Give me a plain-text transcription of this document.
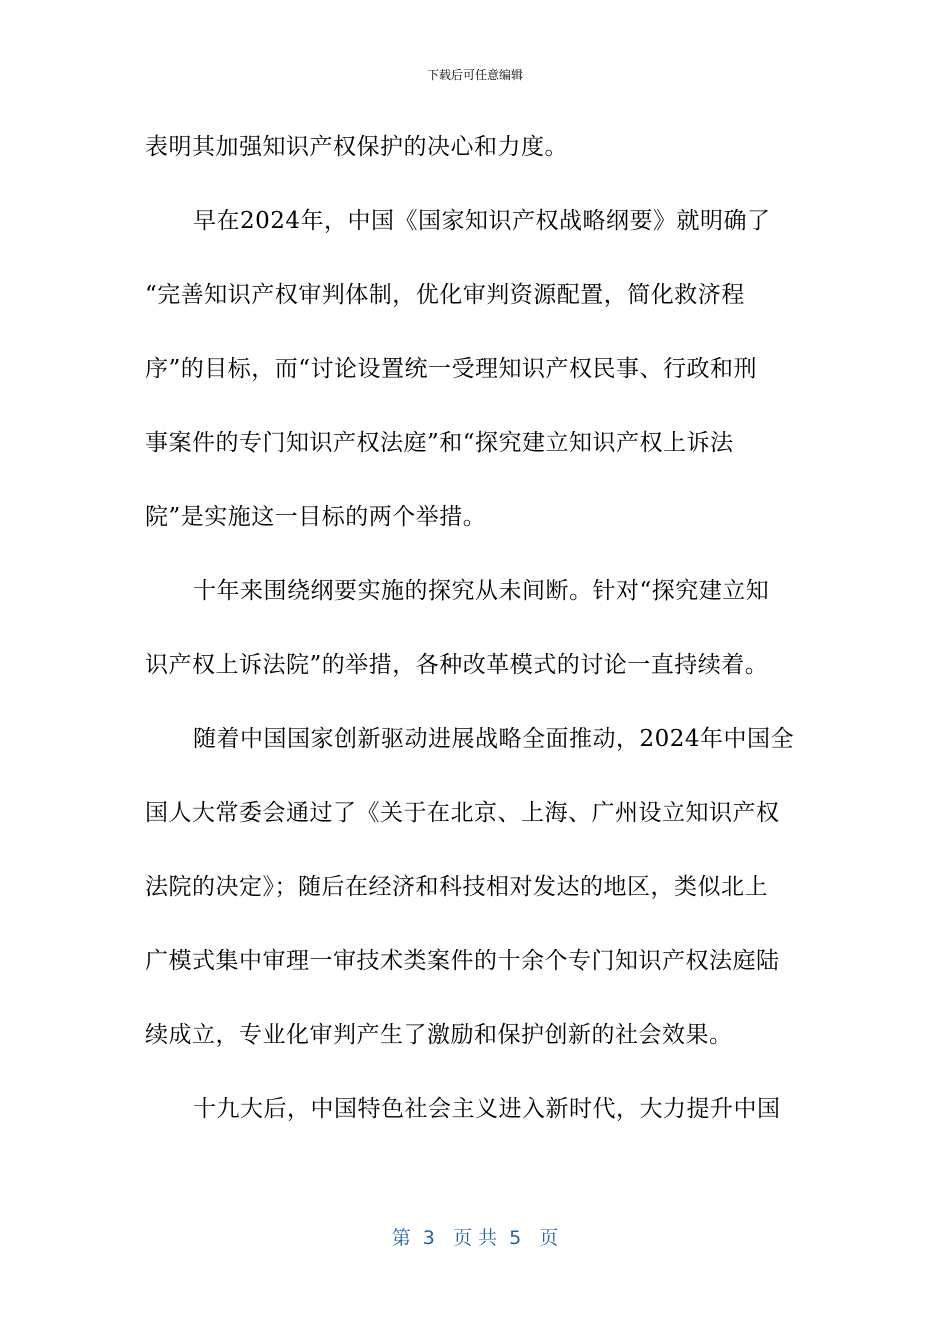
下载后可任意编辑
表明其加强知识产权保护的决心和力度。
早在2024年，中国《国家知识产权战略纲要》就明确了
“完善知识产权审判体制，优化审判资源配置，简化救济程
序”的目标，而“讨论设置统一受理知识产权民事、行政和刑
事案件的专门知识产权法庭”和“探究建立知识产权上诉法
院”是实施这一目标的两个举措。
十年来围绕纲要实施的探究从未间断。针对“探究建立知
识产权上诉法院”的举措，各种改革模式的讨论一直持续着。
随着中国国家创新驱动进展战略全面推动，2024年中国全
国人大常委会通过了《关于在北京、上海、广州设立知识产权
法院的决定》；随后在经济和科技相对发达的地区，类似北上
广模式集中审理一审技术类案件的十余个专门知识产权法庭陆
续成立，专业化审判产生了激励和保护创新的社会效果。
十九大后，中国特色社会主义进入新时代，大力提升中国
第  3   页 共  5   页
